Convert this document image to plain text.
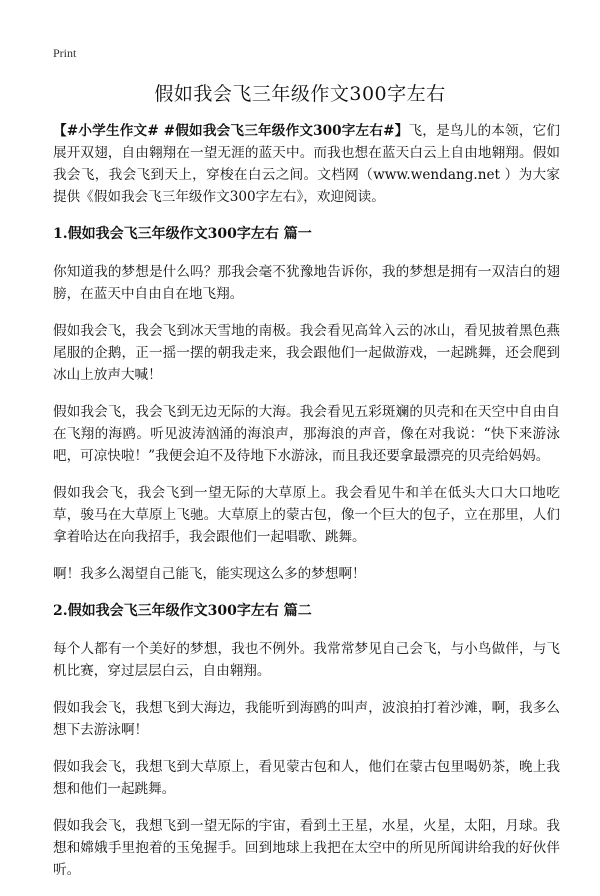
Print
假如我会飞三年级作文300字左右

【#小学生作文# #假如我会飞三年级作文300字左右#】飞，是鸟儿的本领，它们展开双翅，自由翱翔在一望无涯的蓝天中。而我也想在蓝天白云上自由地翱翔。假如我会飞，我会飞到天上，穿梭在白云之间。文档网（www.wendang.net ）为大家提供《假如我会飞三年级作文300字左右》，欢迎阅读。

1.假如我会飞三年级作文300字左右 篇一

你知道我的梦想是什么吗？那我会毫不犹豫地告诉你，我的梦想是拥有一双洁白的翅膀，在蓝天中自由自在地飞翔。

假如我会飞，我会飞到冰天雪地的南极。我会看见高耸入云的冰山，看见披着黑色燕尾服的企鹅，正一摇一摆的朝我走来，我会跟他们一起做游戏，一起跳舞，还会爬到冰山上放声大喊！

假如我会飞，我会飞到无边无际的大海。我会看见五彩斑斓的贝壳和在天空中自由自在飞翔的海鸥。听见波涛汹涌的海浪声，那海浪的声音，像在对我说：“快下来游泳吧，可凉快啦！”我便会迫不及待地下水游泳，而且我还要拿最漂亮的贝壳给妈妈。

假如我会飞，我会飞到一望无际的大草原上。我会看见牛和羊在低头大口大口地吃草，骏马在大草原上飞驰。大草原上的蒙古包，像一个巨大的包子，立在那里，人们拿着哈达在向我招手，我会跟他们一起唱歌、跳舞。

啊！我多么渴望自己能飞，能实现这么多的梦想啊！

2.假如我会飞三年级作文300字左右 篇二

每个人都有一个美好的梦想，我也不例外。我常常梦见自己会飞，与小鸟做伴，与飞机比赛，穿过层层白云，自由翱翔。

假如我会飞，我想飞到大海边，我能听到海鸥的叫声，波浪拍打着沙滩，啊，我多么想下去游泳啊！

假如我会飞，我想飞到大草原上，看见蒙古包和人，他们在蒙古包里喝奶茶，晚上我想和他们一起跳舞。

假如我会飞，我想飞到一望无际的宇宙，看到土王星，水星，火星，太阳，月球。我想和嫦娥手里抱着的玉兔握手。回到地球上我把在太空中的所见所闻讲给我的好伙伴听。
